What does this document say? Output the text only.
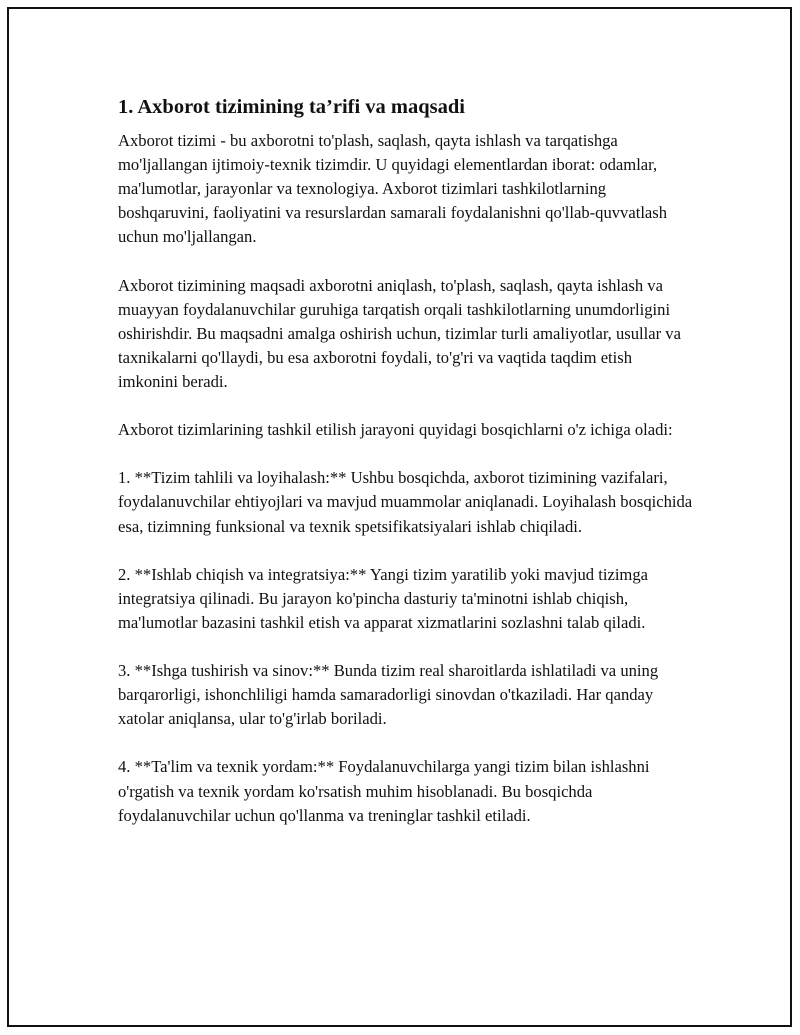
1. Axborot tizimining ta’rifi va maqsadi

Axborot tizimi - bu axborotni to'plash, saqlash, qayta ishlash va tarqatishga mo'ljallangan ijtimoiy-texnik tizimdir. U quyidagi elementlardan iborat: odamlar, ma'lumotlar, jarayonlar va texnologiya. Axborot tizimlari tashkilotlarning boshqaruvini, faoliyatini va resurslardan samarali foydalanishni qo'llab-quvvatlash uchun mo'ljallangan.

Axborot tizimining maqsadi axborotni aniqlash, to'plash, saqlash, qayta ishlash va muayyan foydalanuvchilar guruhiga tarqatish orqali tashkilotlarning unumdorligini oshirishdir. Bu maqsadni amalga oshirish uchun, tizimlar turli amaliyotlar, usullar va taxnikalarni qo'llaydi, bu esa axborotni foydali, to'g'ri va vaqtida taqdim etish imkonini beradi.

Axborot tizimlarining tashkil etilish jarayoni quyidagi bosqichlarni o'z ichiga oladi:

1. **Tizim tahlili va loyihalash:** Ushbu bosqichda, axborot tizimining vazifalari, foydalanuvchilar ehtiyojlari va mavjud muammolar aniqlanadi. Loyihalash bosqichida esa, tizimning funksional va texnik spetsifikatsiyalari ishlab chiqiladi.

2. **Ishlab chiqish va integratsiya:** Yangi tizim yaratilib yoki mavjud tizimga integratsiya qilinadi. Bu jarayon ko'pincha dasturiy ta'minotni ishlab chiqish, ma'lumotlar bazasini tashkil etish va apparat xizmatlarini sozlashni talab qiladi.

3. **Ishga tushirish va sinov:** Bunda tizim real sharoitlarda ishlatiladi va uning barqarorligi, ishonchliligi hamda samaradorligi sinovdan o'tkaziladi. Har qanday xatolar aniqlansa, ular to'g'irlab boriladi.

4. **Ta'lim va texnik yordam:** Foydalanuvchilarga yangi tizim bilan ishlashni o'rgatish va texnik yordam ko'rsatish muhim hisoblanadi. Bu bosqichda foydalanuvchilar uchun qo'llanma va treninglar tashkil etiladi.
